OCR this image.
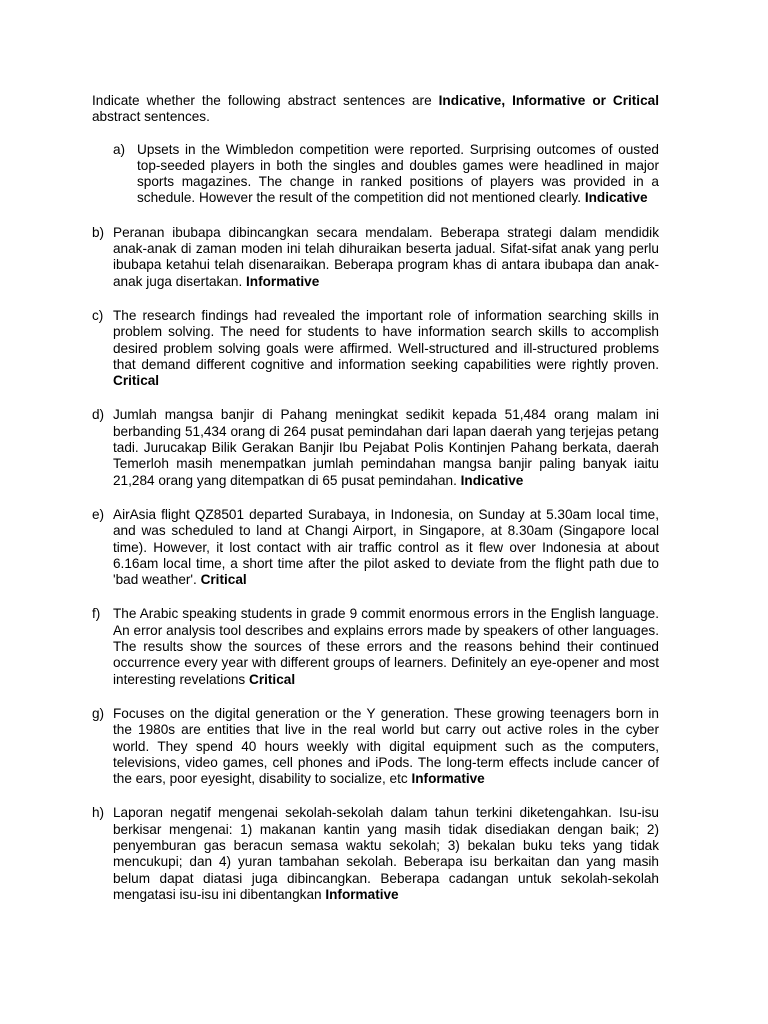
Indicate whether the following abstract sentences are Indicative, Informative or Critical abstract sentences.

a) Upsets in the Wimbledon competition were reported. Surprising outcomes of ousted top-seeded players in both the singles and doubles games were headlined in major sports magazines. The change in ranked positions of players was provided in a schedule. However the result of the competition did not mentioned clearly. Indicative
b) Peranan ibubapa dibincangkan secara mendalam. Beberapa strategi dalam mendidik anak-anak di zaman moden ini telah dihuraikan beserta jadual. Sifat-sifat anak yang perlu ibubapa ketahui telah disenaraikan. Beberapa program khas di antara ibubapa dan anak-anak juga disertakan. Informative
c) The research findings had revealed the important role of information searching skills in problem solving. The need for students to have information search skills to accomplish desired problem solving goals were affirmed. Well-structured and ill-structured problems that demand different cognitive and information seeking capabilities were rightly proven. Critical
d) Jumlah mangsa banjir di Pahang meningkat sedikit kepada 51,484 orang malam ini berbanding 51,434 orang di 264 pusat pemindahan dari lapan daerah yang terjejas petang tadi. Jurucakap Bilik Gerakan Banjir Ibu Pejabat Polis Kontinjen Pahang berkata, daerah Temerloh masih menempatkan jumlah pemindahan mangsa banjir paling banyak iaitu 21,284 orang yang ditempatkan di 65 pusat pemindahan. Indicative
e) AirAsia flight QZ8501 departed Surabaya, in Indonesia, on Sunday at 5.30am local time, and was scheduled to land at Changi Airport, in Singapore, at 8.30am (Singapore local time). However, it lost contact with air traffic control as it flew over Indonesia at about 6.16am local time, a short time after the pilot asked to deviate from the flight path due to 'bad weather'. Critical
f) The Arabic speaking students in grade 9 commit enormous errors in the English language. An error analysis tool describes and explains errors made by speakers of other languages. The results show the sources of these errors and the reasons behind their continued occurrence every year with different groups of learners. Definitely an eye-opener and most interesting revelations Critical
g) Focuses on the digital generation or the Y generation. These growing teenagers born in the 1980s are entities that live in the real world but carry out active roles in the cyber world. They spend 40 hours weekly with digital equipment such as the computers, televisions, video games, cell phones and iPods. The long-term effects include cancer of the ears, poor eyesight, disability to socialize, etc Informative
h) Laporan negatif mengenai sekolah-sekolah dalam tahun terkini diketengahkan. Isu-isu berkisar mengenai: 1) makanan kantin yang masih tidak disediakan dengan baik; 2) penyemburan gas beracun semasa waktu sekolah; 3) bekalan buku teks yang tidak mencukupi; dan 4) yuran tambahan sekolah. Beberapa isu berkaitan dan yang masih belum dapat diatasi juga dibincangkan. Beberapa cadangan untuk sekolah-sekolah mengatasi isu-isu ini dibentangkan Informative
